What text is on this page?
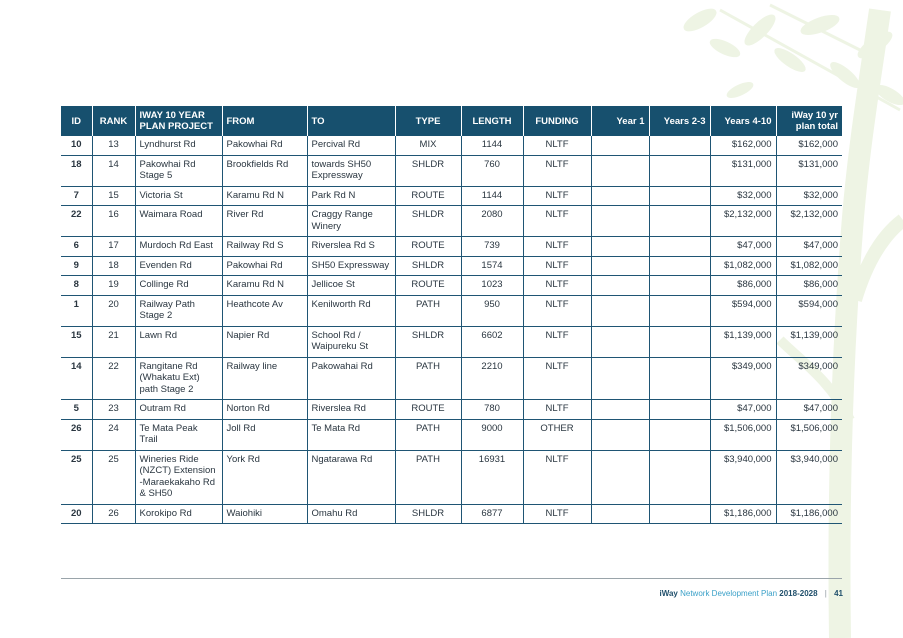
ID	RANK	IWAY 10 YEAR PLAN PROJECT	FROM	TO	TYPE	LENGTH	FUNDING	Year 1	Years 2-3	Years 4-10	iWay 10 yr plan total
10	13	Lyndhurst Rd	Pakowhai Rd	Percival Rd	MIX	1144	NLTF			$162,000	$162,000
18	14	Pakowhai Rd Stage 5	Brookfields Rd	towards SH50 Expressway	SHLDR	760	NLTF			$131,000	$131,000
7	15	Victoria St	Karamu Rd N	Park Rd N	ROUTE	1144	NLTF			$32,000	$32,000
22	16	Waimara Road	River Rd	Craggy Range Winery	SHLDR	2080	NLTF			$2,132,000	$2,132,000
6	17	Murdoch Rd East	Railway Rd S	Riverslea Rd S	ROUTE	739	NLTF			$47,000	$47,000
9	18	Evenden Rd	Pakowhai Rd	SH50 Expressway	SHLDR	1574	NLTF			$1,082,000	$1,082,000
8	19	Collinge Rd	Karamu Rd N	Jellicoe St	ROUTE	1023	NLTF			$86,000	$86,000
1	20	Railway Path Stage 2	Heathcote Av	Kenilworth Rd	PATH	950	NLTF			$594,000	$594,000
15	21	Lawn Rd	Napier Rd	School Rd / Waipureku St	SHLDR	6602	NLTF			$1,139,000	$1,139,000
14	22	Rangitane Rd (Whakatu Ext) path Stage 2	Railway line	Pakowahai Rd	PATH	2210	NLTF			$349,000	$349,000
5	23	Outram Rd	Norton Rd	Riverslea Rd	ROUTE	780	NLTF			$47,000	$47,000
26	24	Te Mata Peak Trail	Joll Rd	Te Mata Rd	PATH	9000	OTHER			$1,506,000	$1,506,000
25	25	Wineries Ride (NZCT) Extension -Maraekakaho Rd & SH50	York Rd	Ngatarawa Rd	PATH	16931	NLTF			$3,940,000	$3,940,000
20	26	Korokipo Rd	Waiohiki	Omahu Rd	SHLDR	6877	NLTF			$1,186,000	$1,186,000
iWay Network Development Plan 2018-2028 | 41
